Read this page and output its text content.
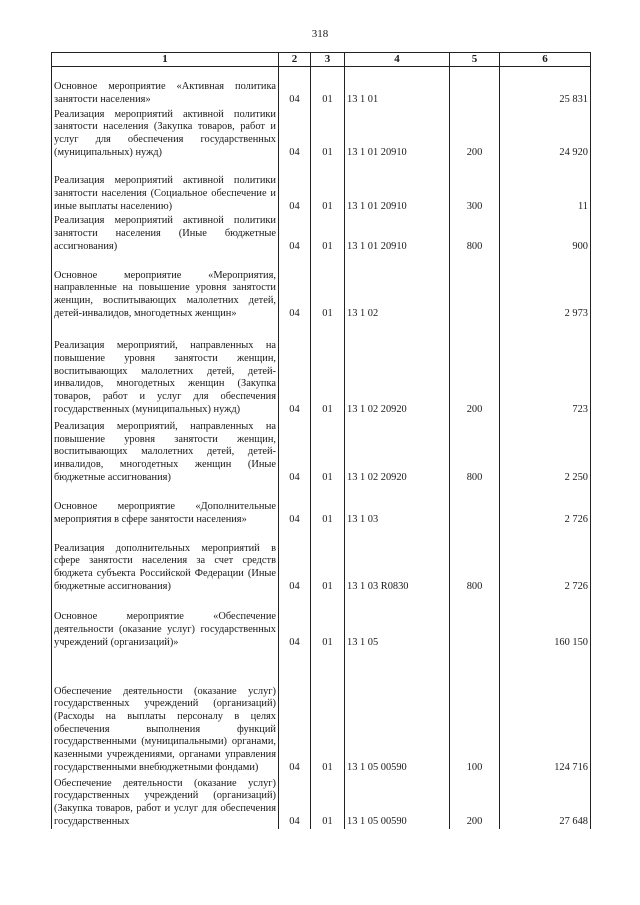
318
1	2	3	4	5	6
Основное мероприятие «Активная политика занятости населения»	04	01	13 1 01		25 831
Реализация мероприятий активной политики занятости населения (Закупка товаров, работ и услуг для обеспечения государственных (муниципальных) нужд)	04	01	13 1 01 20910	200	24 920
Реализация мероприятий активной политики занятости населения (Социальное обеспечение и иные выплаты населению)	04	01	13 1 01 20910	300	11
Реализация мероприятий активной политики занятости населения (Иные бюджетные ассигнования)	04	01	13 1 01 20910	800	900
Основное мероприятие «Мероприятия, направленные на повышение уровня занятости женщин, воспитывающих малолетних детей, детей-инвалидов, многодетных женщин»	04	01	13 1 02		2 973
Реализация мероприятий, направленных на повышение уровня занятости женщин, воспитывающих малолетних детей, детей-инвалидов, многодетных женщин (Закупка товаров, работ и услуг для обеспечения государственных (муниципальных) нужд)	04	01	13 1 02 20920	200	723
Реализация мероприятий, направленных на повышение уровня занятости женщин, воспитывающих малолетних детей, детей-инвалидов, многодетных женщин (Иные бюджетные ассигнования)	04	01	13 1 02 20920	800	2 250
Основное мероприятие «Дополнительные мероприятия в сфере занятости населения»	04	01	13 1 03		2 726
Реализация дополнительных мероприятий в сфере занятости населения за счет средств бюджета субъекта Российской Федерации (Иные бюджетные ассигнования)	04	01	13 1 03 R0830	800	2 726
Основное мероприятие «Обеспечение деятельности (оказание услуг) государственных учреждений (организаций)»	04	01	13 1 05		160 150
Обеспечение деятельности (оказание услуг) государственных учреждений (организаций) (Расходы на выплаты персоналу в целях обеспечения выполнения функций государственными (муниципальными) органами, казенными учреждениями, органами управления государственными внебюджетными фондами)	04	01	13 1 05 00590	100	124 716
Обеспечение деятельности (оказание услуг) государственных учреждений (организаций) (Закупка товаров, работ и услуг для обеспечения государственных	04	01	13 1 05 00590	200	27 648
